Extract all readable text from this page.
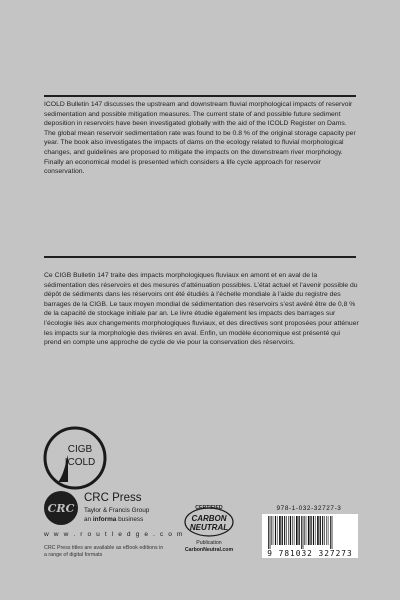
ICOLD Bulletin 147 discusses the upstream and downstream fluvial morphological impacts of reservoir sedimentation and possible mitigation measures. The current state of and possible future sediment deposition in reservoirs have been investigated globally with the aid of the ICOLD Register on Dams. The global mean reservoir sedimentation rate was found to be 0.8 % of the original storage capacity per year. The book also investigates the impacts of dams on the ecology related to fluvial morphological changes, and guidelines are proposed to mitigate the impacts on the downstream river morphology. Finally an economical model is presented which considers a life cycle approach for reservoir conservation.

Ce CIGB Bulletin 147 traite des impacts morphologiques fluviaux en amont et en aval de la sédimentation des réservoirs et des mesures d’atténuation possibles. L’état actuel et l’avenir possible du dépôt de sédiments dans les réservoirs ont été étudiés à l’échelle mondiale à l’aide du registre des barrages de la CIGB. Le taux moyen mondial de sédimentation des réservoirs s’est avéré être de 0,8 % de la capacité de stockage initiale par an. Le livre étudie également les impacts des barrages sur l’écologie liés aux changements morphologiques fluviaux, et des directives sont proposées pour atténuer les impacts sur la morphologie des rivières en aval. Enfin, un modèle économique est présenté qui prend en compte une approche de cycle de vie pour la conservation des réservoirs.

CIGB
ICOLD
CRC
CRC Press
Taylor & Francis Group
an informa business
w w w . r o u t l e d g e . c o m
CRC Press titles are available as eBook editions in a range of digital formats
CERTIFIED
CARBON
NEUTRAL
Publication
CarbonNeutral.com
978-1-032-32727-3
9 781032 327273
